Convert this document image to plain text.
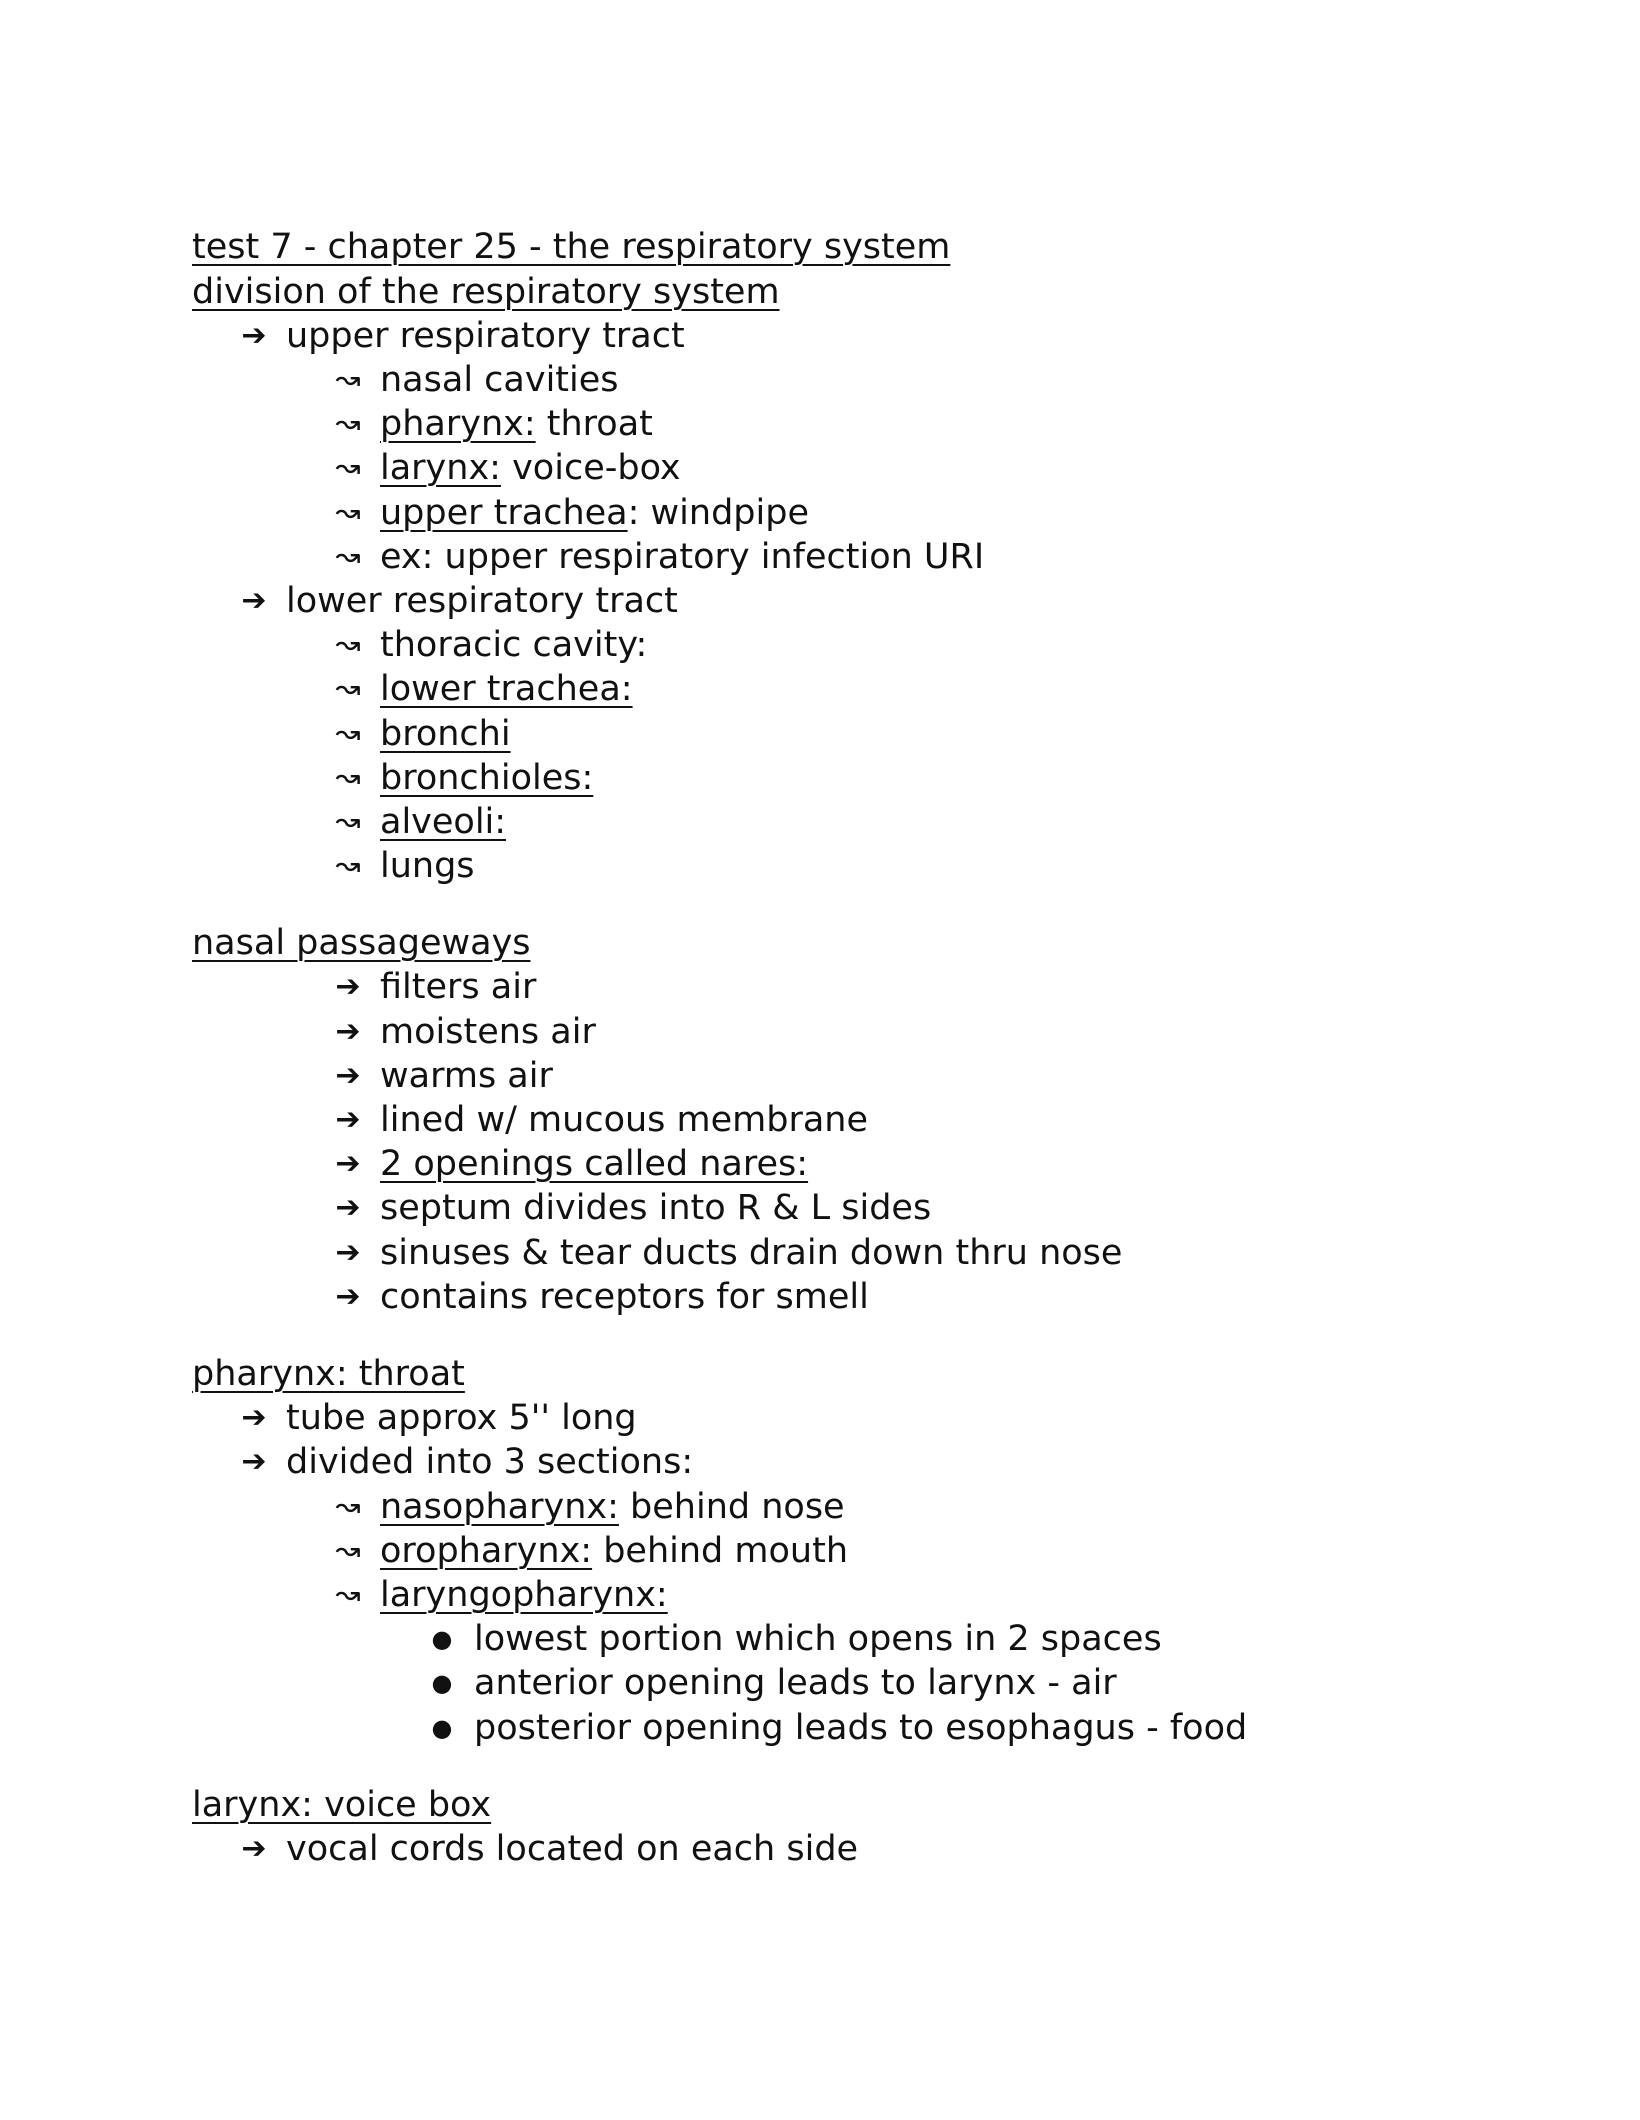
test 7 - chapter 25 - the respiratory system
division of the respiratory system
➔ upper respiratory tract
↝ nasal cavities
↝ pharynx: throat
↝ larynx: voice-box
↝ upper trachea: windpipe
↝ ex: upper respiratory infection URI
➔ lower respiratory tract
↝ thoracic cavity:
↝ lower trachea:
↝ bronchi
↝ bronchioles:
↝ alveoli:
↝ lungs
nasal passageways
➔ filters air
➔ moistens air
➔ warms air
➔ lined w/ mucous membrane
➔ 2 openings called nares:
➔ septum divides into R & L sides
➔ sinuses & tear ducts drain down thru nose
➔ contains receptors for smell
pharynx: throat
➔ tube approx 5'' long
➔ divided into 3 sections:
↝ nasopharynx: behind nose
↝ oropharynx: behind mouth
↝ laryngopharynx:
● lowest portion which opens in 2 spaces
● anterior opening leads to larynx - air
● posterior opening leads to esophagus - food
larynx: voice box
➔ vocal cords located on each side
